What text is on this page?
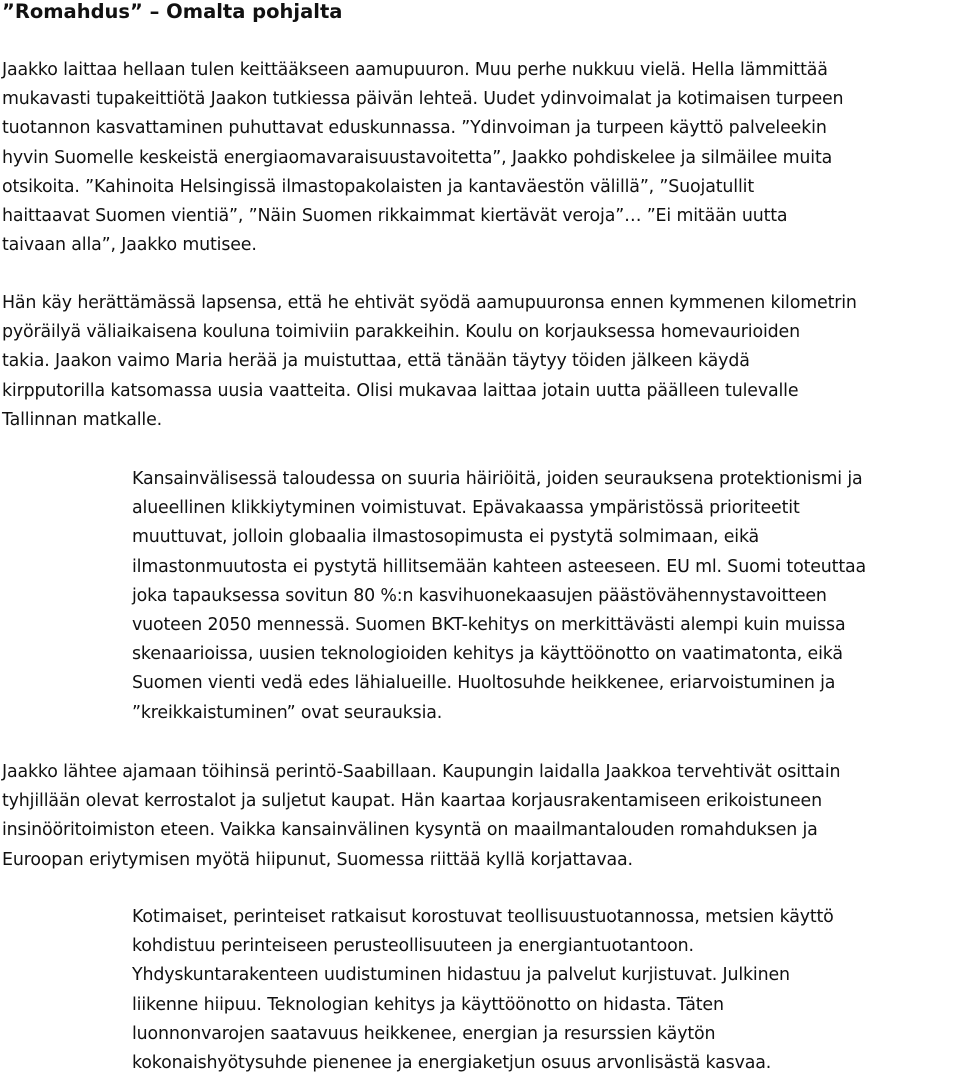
”Romahdus” – Omalta pohjalta

Jaakko laittaa hellaan tulen keittääkseen aamupuuron. Muu perhe nukkuu vielä. Hella lämmittää
mukavasti tupakeittiötä Jaakon tutkiessa päivän lehteä. Uudet ydinvoimalat ja kotimaisen turpeen
tuotannon kasvattaminen puhuttavat eduskunnassa. ”Ydinvoiman ja turpeen käyttö palveleekin
hyvin Suomelle keskeistä energiaomavaraisuustavoitetta”, Jaakko pohdiskelee ja silmäilee muita
otsikoita. ”Kahinoita Helsingissä ilmastopakolaisten ja kantaväestön välillä”, ”Suojatullit
haittaavat Suomen vientiä”, ”Näin Suomen rikkaimmat kiertävät veroja”… ”Ei mitään uutta
taivaan alla”, Jaakko mutisee.

Hän käy herättämässä lapsensa, että he ehtivät syödä aamupuuronsa ennen kymmenen kilometrin
pyöräilyä väliaikaisena kouluna toimiviin parakkeihin. Koulu on korjauksessa homevaurioiden
takia. Jaakon vaimo Maria herää ja muistuttaa, että tänään täytyy töiden jälkeen käydä
kirpputorilla katsomassa uusia vaatteita. Olisi mukavaa laittaa jotain uutta päälleen tulevalle
Tallinnan matkalle.

Kansainvälisessä taloudessa on suuria häiriöitä, joiden seurauksena protektionismi ja
alueellinen klikkiytyminen voimistuvat. Epävakaassa ympäristössä prioriteetit
muuttuvat, jolloin globaalia ilmastosopimusta ei pystytä solmimaan, eikä
ilmastonmuutosta ei pystytä hillitsemään kahteen asteeseen. EU ml. Suomi toteuttaa
joka tapauksessa sovitun 80 %:n kasvihuonekaasujen päästövähennystavoitteen
vuoteen 2050 mennessä. Suomen BKT-kehitys on merkittävästi alempi kuin muissa
skenaarioissa, uusien teknologioiden kehitys ja käyttöönotto on vaatimatonta, eikä
Suomen vienti vedä edes lähialueille. Huoltosuhde heikkenee, eriarvoistuminen ja
”kreikkaistuminen” ovat seurauksia.

Jaakko lähtee ajamaan töihinsä perintö-Saabillaan. Kaupungin laidalla Jaakkoa tervehtivät osittain
tyhjillään olevat kerrostalot ja suljetut kaupat. Hän kaartaa korjausrakentamiseen erikoistuneen
insinööritoimiston eteen. Vaikka kansainvälinen kysyntä on maailmantalouden romahduksen ja
Euroopan eriytymisen myötä hiipunut, Suomessa riittää kyllä korjattavaa.

Kotimaiset, perinteiset ratkaisut korostuvat teollisuustuotannossa, metsien käyttö
kohdistuu perinteiseen perusteollisuuteen ja energiantuotantoon.
Yhdyskuntarakenteen uudistuminen hidastuu ja palvelut kurjistuvat. Julkinen
liikenne hiipuu. Teknologian kehitys ja käyttöönotto on hidasta. Täten
luonnonvarojen saatavuus heikkenee, energian ja resurssien käytön
kokonaishyötysuhde pienenee ja energiaketjun osuus arvonlisästä kasvaa.
